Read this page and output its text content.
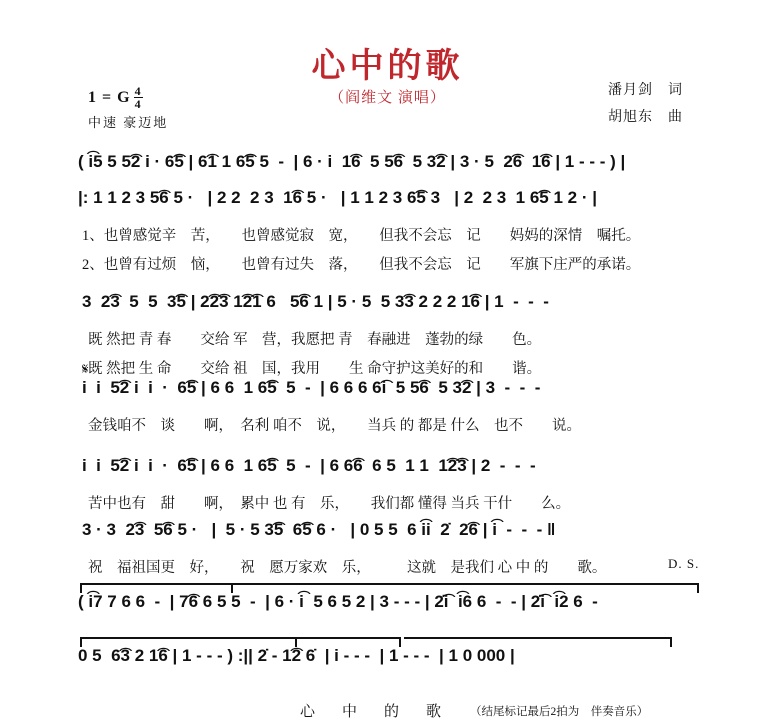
心中的歌
（阎维文 演唱）
1 = G $\frac{4}{4}$
中速 豪迈地
潘月剑　词
胡旭东　曲
( i͡5 5 5͡2 i · 6͡5 | 6͡1 1 6͡5 5  -  | 6 · i  1͡6  5 5͡6  5 3͡2 | 3 · 5  2͡6  1͡6 | 1 - - - ) |
|: 1 1 2 3 5͡6 5 ·   | 2 2  2 3  1͡6 5 ·   | 1 1 2 3 6͡5 3   | 2  2 3  1 6͡5 1 2 · |
1、也曾感觉辛　苦，　　也曾感觉寂　宽，　　但我不会忘　记　　妈妈的深情　嘱托。
2、也曾有过烦　恼，　　也曾有过失　落，　　但我不会忘　记　　军旗下庄严的承诺。
3  2͡3  5  5  3͡5 | 2͡2͡3 1͡2͡1 6   5͡6 1 | 5 · 5  5 3͡3 2 2 2 1͡6 | 1  -  -  -
既 然把 青 春　　交给 军　营，我愿把 青　春融进　蓬勃的绿　　色。
既 然把 生 命　　交给 祖　国，我用　　生 命守护这美好的和　　谐。
𝄋
i  i  5͡2 i  i  ·  6͡5 | 6 6  1 6͡5  5  -  | 6 6 6 6͡i  5 5͡6  5 3͡2 | 3  -  -  -
金钱咱不　谈　　啊，　名利 咱不　说，　　当兵 的 都是 什么　也不　　说。
i  i  5͡2 i  i  ·  6͡5 | 6 6  1 6͡5  5  -  | 6 6͡6  6 5  1 1  1͡2͡3 | 2  -  -  -
苦中也有　甜　　啊，　累中 也 有　乐，　　我们都 懂得 当兵 干什　　么。
3 · 3  2͡3  5͡6 5 ·   |  5 · 5 3͡5  6͡5 6 ·   | 0 5 5  6 i͡i  2̇  2͡6 | i͡  -  -  - ‖
祝　福祖国更　好，　　祝　愿万家欢　乐，　　　这就　是我们 心 中 的　　歌。	D. S.
( i͡7 7 6 6  -  | 7͡6 6 5 5  -  | 6 · i͡  5 6 5 2 | 3 - - - | 2̇͡i  i͡6 6  -  - | 2̇͡i  i͡2 6  -
0 5  6͡3 2 1͡6 | 1 - - - ) :|| 2̇ - 1͡2 6̇  | i - - -  | 1 - - -  | 1 0 000 |
心　中　的　歌 （结尾标记最后2拍为　伴奏音乐）
